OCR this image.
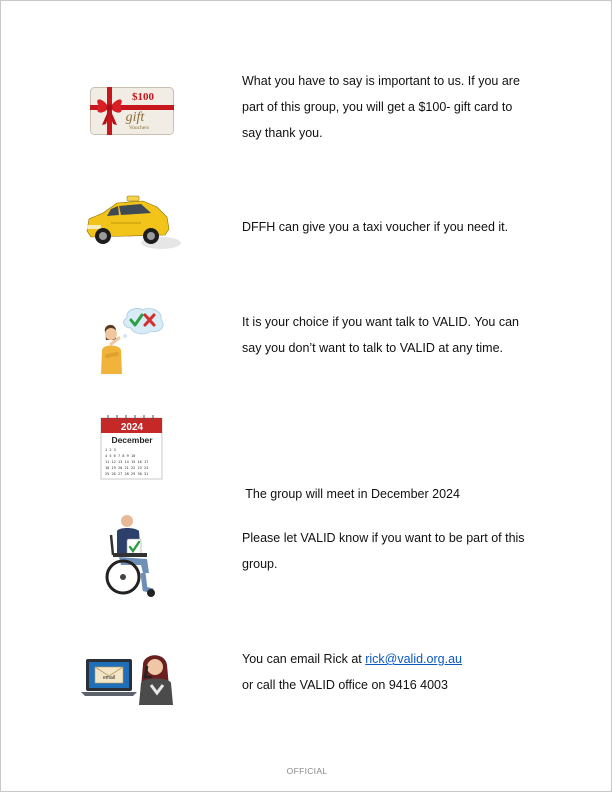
$100
gift
Vouchers

What you have to say is important to us. If you are

part of this group, you will get a $100- gift card to

say thank you.

DFFH can give you a taxi voucher if you need it.

It is your choice if you want talk to VALID. You can

say you don’t want to talk to VALID at any time.

2024
December
1 2 3
4 5 6 7 8 9 10
11 12 13 14 15 16 17
18 19 20 21 22 23 24
25 26 27 28 29 30 31

The group will meet in December 2024

Please let VALID know if you want to be part of this

group.

email

You can email Rick at rick@valid.org.au

or call the VALID office on 9416 4003

OFFICIAL
